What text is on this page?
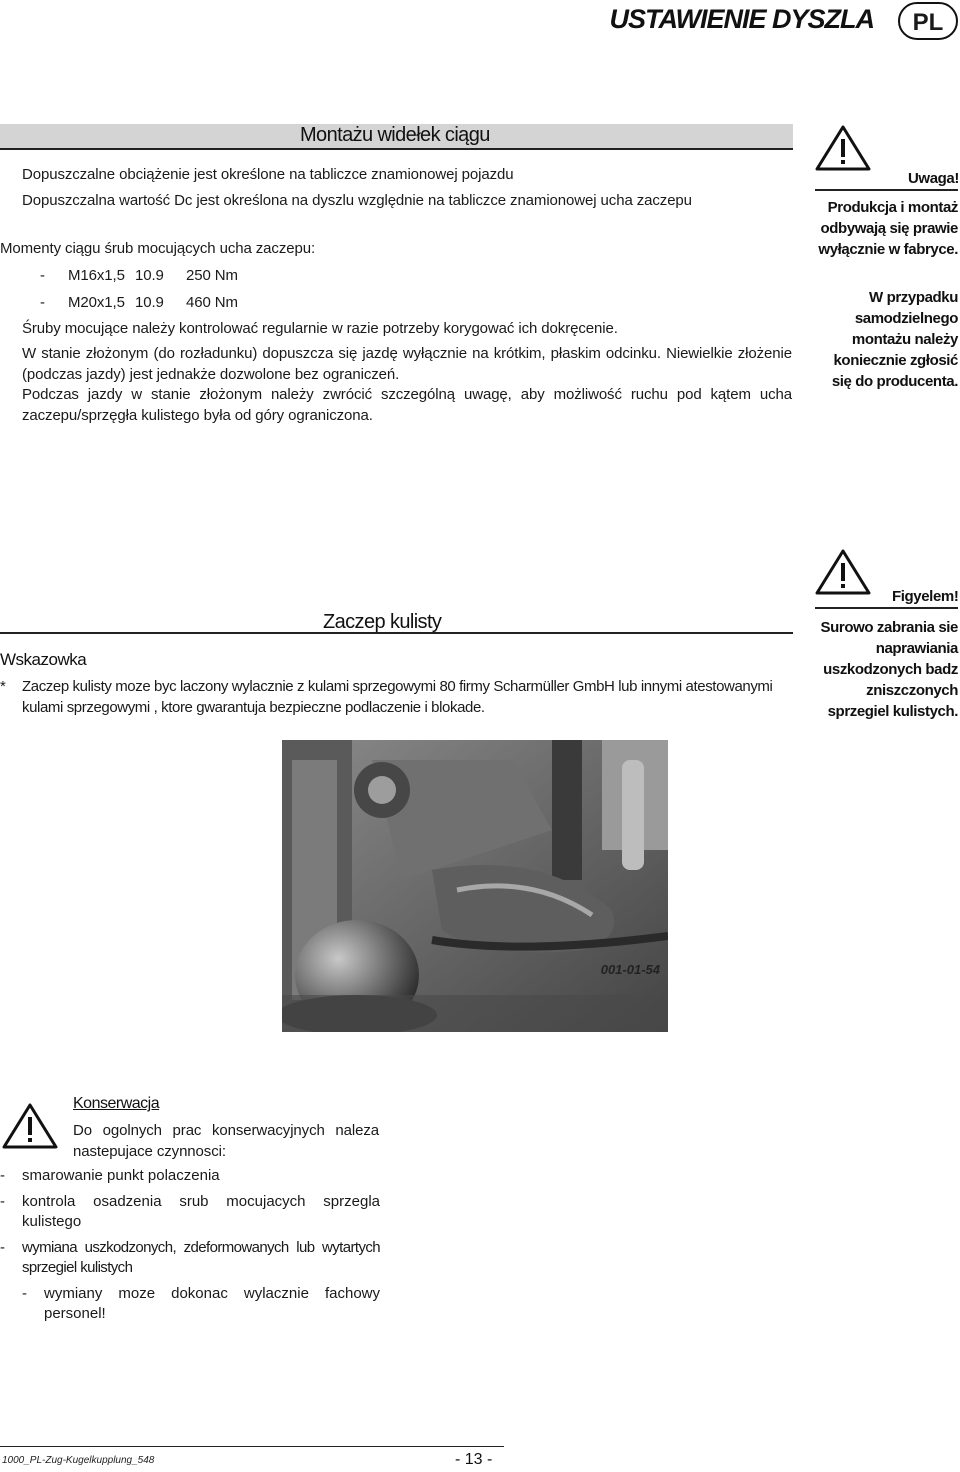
USTAWIENIE DYSZLA	PL
Montażu widełek ciągu
Dopuszczalne obciążenie jest określone na tabliczce znamionowej pojazdu
Dopuszczalna wartość Dc jest określona na dyszlu względnie na tabliczce znamionowej ucha zaczepu
Momenty ciągu śrub mocujących ucha zaczepu:
- M16x1,5 10.9 250 Nm
- M20x1,5 10.9 460 Nm
Śruby mocujące należy kontrolować regularnie w razie potrzeby korygować ich dokręcenie.
W stanie złożonym (do rozładunku) dopuszcza się jazdę wyłącznie na krótkim, płaskim odcinku. Niewielkie złożenie (podczas jazdy) jest jednakże dozwolone bez ograniczeń.
Podczas jazdy w stanie złożonym należy zwrócić szczególną uwagę, aby możliwość ruchu pod kątem ucha zaczepu/sprzęgła kulistego była od góry ograniczona.
Uwaga!
Produkcja i montaż odbywają się prawie wyłącznie w fabryce.
W przypadku samodzielnego montażu należy koniecznie zgłosić się do producenta.
Zaczep kulisty
Wskazowka
* Zaczep kulisty moze byc laczony wylacznie z kulami sprzegowymi 80 firmy Scharmüller GmbH lub innymi atestowanymi kulami sprzegowymi , ktore gwarantuja bezpieczne podlaczenie i blokade.
Figyelem!
Surowo zabrania sie naprawiania uszkodzonych badz zniszczonych sprzegiel kulistych.
001-01-54
Konserwacja
Do ogolnych prac konserwacyjnych naleza nastepujace czynnosci:
- smarowanie punkt polaczenia
- kontrola osadzenia srub mocujacych sprzegla kulistego
- wymiana uszkodzonych, zdeformowanych lub wytartych sprzegiel kulistych
- wymiany moze dokonac wylacznie fachowy personel!
1000_PL-Zug-Kugelkupplung_548	- 13 -
